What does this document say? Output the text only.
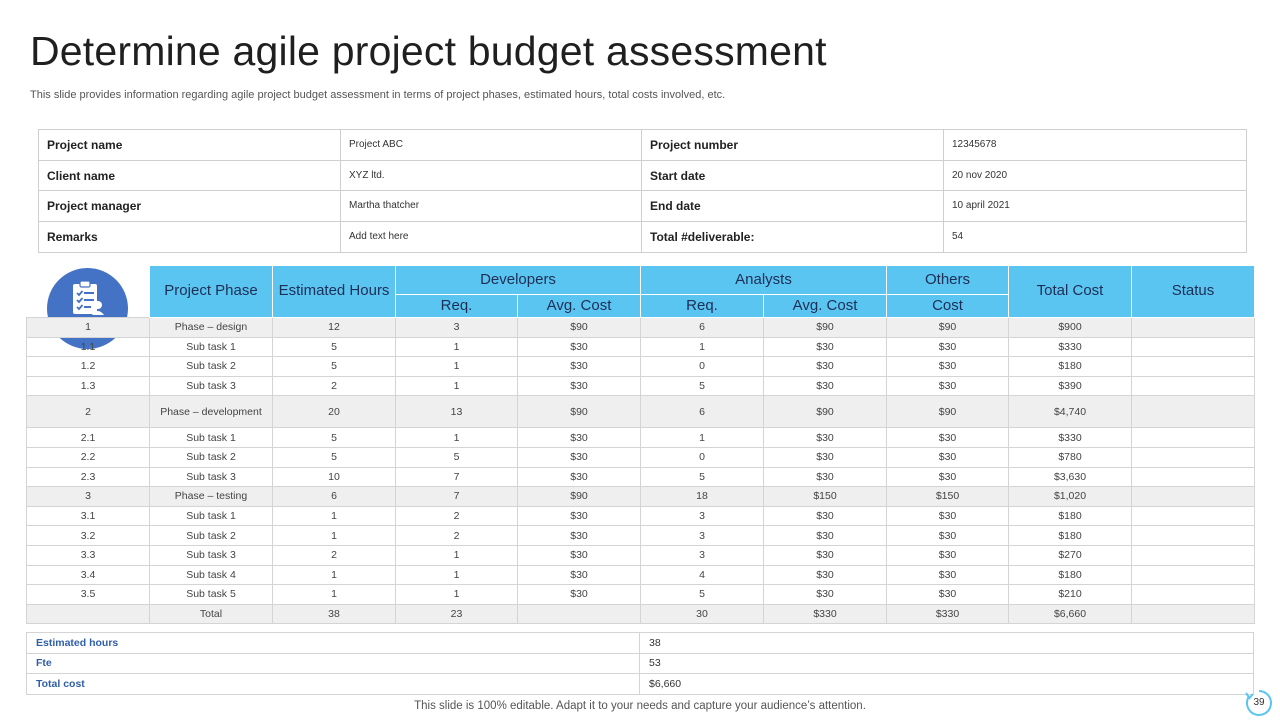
Determine agile project budget assessment

This slide provides information regarding agile project budget assessment in terms of project phases, estimated hours, total costs involved, etc.

Project name	Project ABC	Project number	12345678
Client name	XYZ ltd.	Start date	20 nov 2020
Project manager	Martha thatcher	End date	10 april 2021
Remarks	Add text here	Total #deliverable:	54
	Project Phase	Estimated Hours	Developers		Analysts		Others	Total Cost	Status
			Req.	Avg. Cost	Req.	Avg. Cost	Cost		
1	Phase – design	12	3	$90	6	$90	$90	$900	
1.1	Sub task 1	5	1	$30	1	$30	$30	$330	
1.2	Sub task 2	5	1	$30	0	$30	$30	$180	
1.3	Sub task 3	2	1	$30	5	$30	$30	$390	
2	Phase – development	20	13	$90	6	$90	$90	$4,740	
2.1	Sub task 1	5	1	$30	1	$30	$30	$330	
2.2	Sub task 2	5	5	$30	0	$30	$30	$780	
2.3	Sub task 3	10	7	$30	5	$30	$30	$3,630	
3	Phase – testing	6	7	$90	18	$150	$150	$1,020	
3.1	Sub task 1	1	2	$30	3	$30	$30	$180	
3.2	Sub task 2	1	2	$30	3	$30	$30	$180	
3.3	Sub task 3	2	1	$30	3	$30	$30	$270	
3.4	Sub task 4	1	1	$30	4	$30	$30	$180	
3.5	Sub task 5	1	1	$30	5	$30	$30	$210	
	Total	38	23		30	$330	$330	$6,660	
Estimated hours	38
Fte	53
Total cost	$6,660

This slide is 100% editable. Adapt it to your needs and capture your audience’s attention.	39
